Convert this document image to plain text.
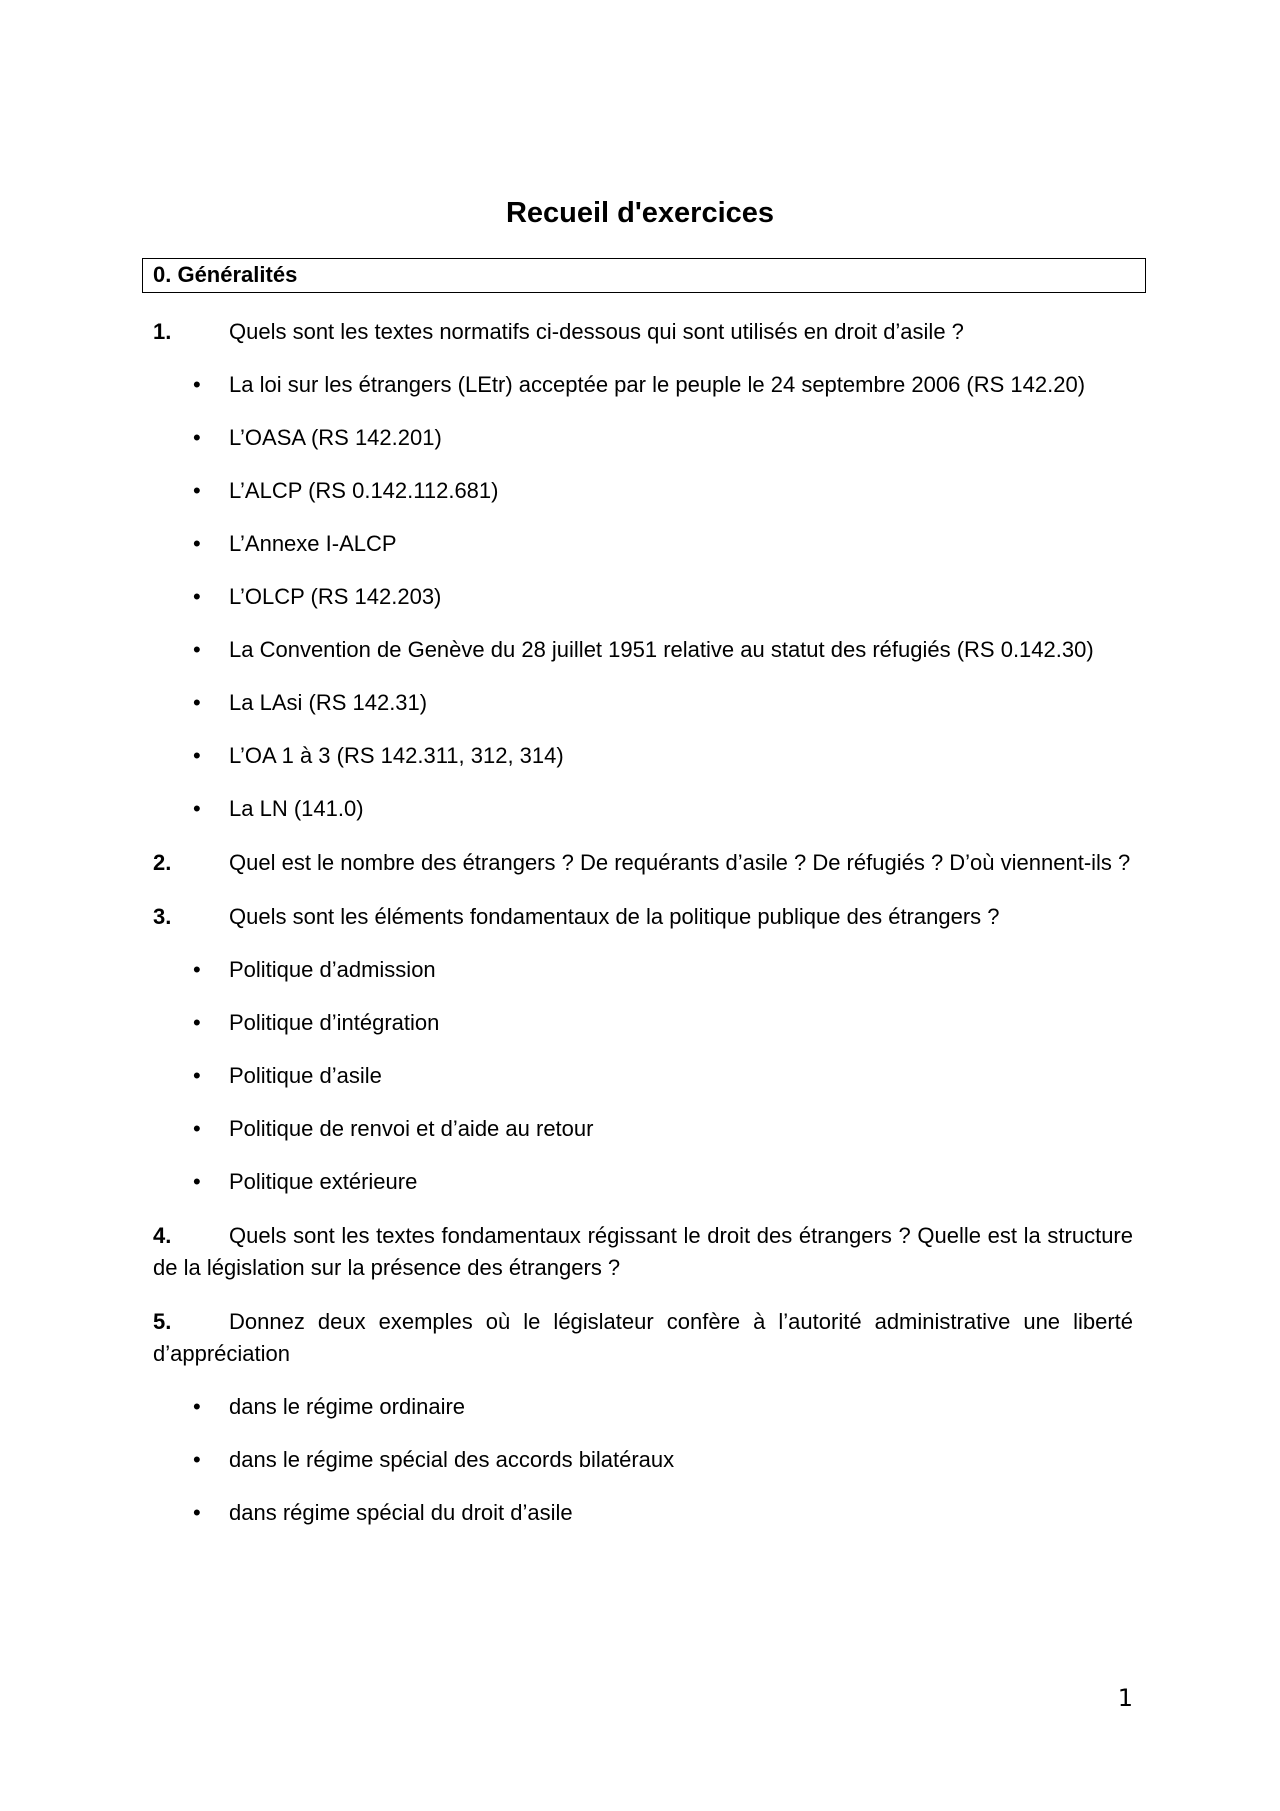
Recueil d'exercices
0. Généralités
1.	Quels sont les textes normatifs ci-dessous qui sont utilisés en droit d’asile ?
• La loi sur les étrangers (LEtr) acceptée par le peuple le 24 septembre 2006 (RS 142.20)
• L’OASA (RS 142.201)
• L’ALCP (RS 0.142.112.681)
• L’Annexe I-ALCP
• L’OLCP (RS 142.203)
• La Convention de Genève du 28 juillet 1951 relative au statut des réfugiés (RS 0.142.30)
• La LAsi (RS 142.31)
• L’OA 1 à 3 (RS 142.311, 312, 314)
• La LN (141.0)
2.	Quel est le nombre des étrangers ? De requérants d’asile ? De réfugiés ? D’où viennent-ils ?
3.	Quels sont les éléments fondamentaux de la politique publique des étrangers ?
• Politique d’admission
• Politique d’intégration
• Politique d’asile
• Politique de renvoi et d’aide au retour
• Politique extérieure
4.	Quels sont les textes fondamentaux régissant le droit des étrangers ? Quelle est la structure de la législation sur la présence des étrangers ?
5.	Donnez deux exemples où le législateur confère à l’autorité administrative une liberté d’appréciation
• dans le régime ordinaire
• dans le régime spécial des accords bilatéraux
• dans régime spécial du droit d’asile
1
